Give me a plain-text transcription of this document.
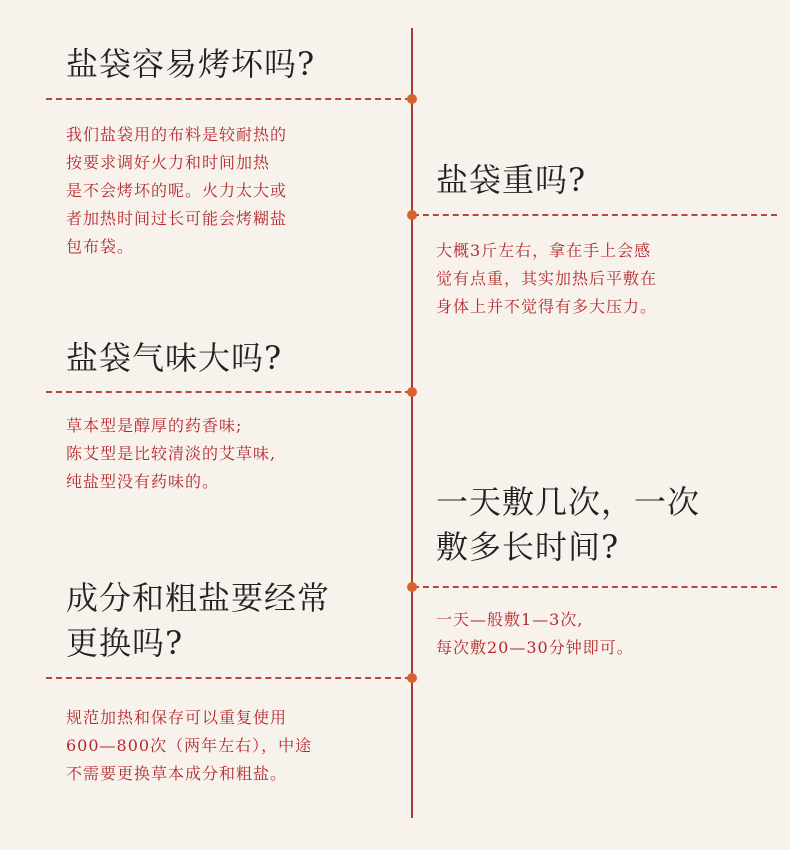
盐袋容易烤坏吗?

我们盐袋用的布料是较耐热的
按要求调好火力和时间加热
是不会烤坏的呢。火力太大或
者加热时间过长可能会烤糊盐
包布袋。

盐袋重吗?

大概3斤左右，拿在手上会感
觉有点重，其实加热后平敷在
身体上并不觉得有多大压力。

盐袋气味大吗?

草本型是醇厚的药香味;
陈艾型是比较清淡的艾草味,
纯盐型没有药味的。

一天敷几次，一次
敷多长时间?

一天—般敷1—3次,
每次敷20—30分钟即可。

成分和粗盐要经常
更换吗?

规范加热和保存可以重复使用
600—800次（两年左右），中途
不需要更换草本成分和粗盐。
